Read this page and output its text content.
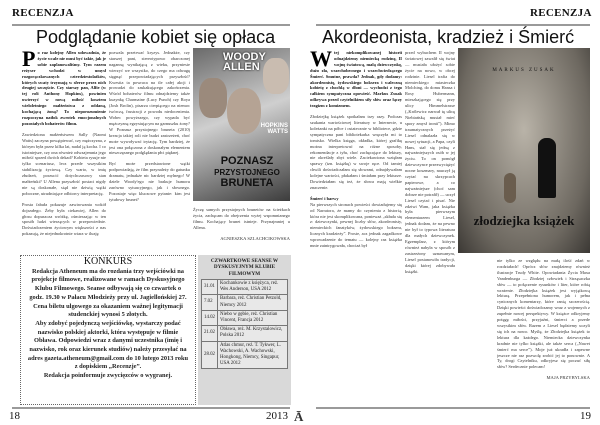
RECENZJA
Podglądanie kobiet się opłaca

Po raz kolejny Allen udowadnia, że życie wcale nie musi być takie, jak je sobie zaplanowaliśmy. Tym razem reżyser wchodzi w umysł rozgorączkowanych czterdziestolatków, których swaty trzymają w sferze przez nich drugiej szczęście. Czy starszy pan, Alfie (w tej roli Anthony Hopkins), powinien uwierzyć w nową miłość kosztem wieloletniego małżeństwa z oddaną, kochającą żoną? To nieporozumienie rozpoczyna natłok zwrotek emocjonalnych pozostałych bohaterów filmu.

Zawiedziona małżeństwem Sally (Naomi Watts) zaczyna powątpiewać, czy mężczyzna, z którym była przez kilka lat, nadal ją kocha. I co istotniejsze, czy ona również odwzajemnia jego miłość sprzed dwóch dekad? Kobieta rysuje nie tylko scenariusz, lecz przede wszystkim stabilizację życiową. Czy warto, w imię złudzeń, porzucić dotychczasowy stan małżeński? U Allena przyszłość postaci nigdy nie są doskonałe, stąd nie dziwią wątki poboczne, utrudniające odbiorcy interpretację.

Prosta fabuła pokazuje zawirowania wokół dojrzałego. Żeby była ciekawiej, Allen do głosu dopuszcza wróżkę, ośmieszając w ten sposób ludzi wierzących w przepowiednie. Doświadczeniem życiowym większości z nas pokazują, że niejednokrotnie wiara w iluzję

pozwala przetrwać kryzys. Jednakże, czy starszej pani, stereotypowo obarczonej naganną wynikającą z wieku, przyniesie wierzyć we wszystko, do czego ma odwagę sięgnąć przepowiadających przyszłość? Kwestia ta powraca na tle całej akcji i prowadzi do zaskakującego zakończenia. Wśród bohaterów filmu odnajdziemy także kuzynkę Charmaine (Lucy Punch) czy Roya (Josh Brolin), pisarza cierpiącego na niemoc twórczą, frustracji z powodu niedocenienia. Wobec powyższego, czy wypada być mężczyzną egzystującym na garnuszku żony? W Poznasz przystojnego bruneta (2010) kreacja takiej roli nie budzi zastrzeżeń, choć może wywoływać irytację. Tym bardziej, że jest ona połączona z doskonałym elementem nieszczęsnego podglądania płci pięknej.

Być może przedstawione wątki podpowiadają, że film przynależy do gatunku dramatu, jednakże nic bardziej mylnego! W dziele Woody'ego nie brakuje humoru zarówno sytuacyjnego, jak i słownego. Pozostaje więc kluczowe pytanie: kim jest tytułowy brunet?

WOODY
ALLEN
HOPKINS
WATTS
POZNASZ
PRZYSTOJNEGO
BRUNETA

Życzę samych przystojnych brunetów na ścieżkach życia, zachęcam do obejrzenia wyżej wspomnianego filmu. Kochający brunet istnieje. Przynajmniej u Allena.

AGNIESZKA SZLACHCIKOWSKA
KONKURS
Redakcja Atheneum ma do rozdania trzy wejściówki na projekcje filmowe, realizowane w ramach Dyskusyjnego Klubu Filmowego. Seanse odbywają się co czwartek o godz. 19.30 w Pałacu Młodzieży przy ul. Jagiellońskiej 27. Cena biletu ulgowego za okazaniem ważnej legitymacji studenckiej wynosi 5 złotych.
Aby zdobyć pojedynczą wejściówkę, wystarczy podać nazwisko polskiej aktorki, która występuje w filmie Obława. Odpowiedzi wraz z danymi uczestnika (imię i nazwisko, rok oraz kierunek studiów) należy przesyłać na adres gazeta.atheneum@gmail.com do 10 lutego 2013 roku z dopiskiem „Recenzje”.
Redakcja poinformuje zwycięzców o wygranej.
CZWARTKOWE SEANSE W DYSKUSYJNYM KLUBIE FILMOWYM
31.01	Kochankowie z księżyca, reż. Wes Anderson, USA 2012
7.02	Barbara, reż. Christian Petzold, Niemcy 2012
14.02	Niebo w gębie, reż. Christian Vincent, Francja 2012
21.02	Obława, reż. M. Krzystalowicz, Polska 2012
28.02	Atlas chmur, reż. T. Tykwer, L. Wachowski, A. Wachowski, Hongkong, Niemcy, Singapur, USA 2012
18	2013 Ā
RECENZJA
Akordeonista, kradzież i Śmierć

Wtej niekomplikowanej historii odnajdziemy niemiecką rodzinę, II wojnę światową, małą dziewczynkę, dużo zła, wszechobecnego i wszechwiedzącego Śmierć. Smutne, prawda? Jednak, gdy dodamy: akordeonistę, żydowskiego boksera i waleczną kobietę z chochlą w dłoni — wychodzi z tego całkiem sympatyczna opowieść. Markus Zusak odkrywa przed czytelnikiem siły słów oraz łączy tragizm z komizmem.

Złodziejkę książek spotkałam trzy razy. Podczas szukania wartościowej literatury w Internecie, u koleżanki na półce i ostatecznie w bibliotece, gdzie sympatyczna pani bibliotekarka wręczyła mi to tomisko. Wielka księga, okładka, której grafikę można interpretować na różne sposoby, rekomendacje z tyłu, choć zachęcające do lektury, nie określały zbyt wiele. Zaciekawiona wzięłam sprawy (tzn. książkę) w swoje ręce. Od tamtej chwili doświadczałam się słowami, odnajdywałam kolejne wartości, płakałam i śmiałam przy lekturze. Dowiedziałam się też, że słowa mają wielkie znaczenie.

Śmierć i barwy

Na pierwszych stronach powieści dowiadujemy się od Narratora, że mamy do czynienia z historią, która nie jest skomplikowana, ponieważ „składa się z: dziewczynki, pewnej liczby słów, akordeonisty, niemieckich fanatyków, żydowskiego boksera, licznych kradzieży”. Proste, acz jednak zagadkowe wprowadzenie do tematu — kolejny raz książka mnie zaintrygowała, chociaż był

przed wybuchem II wojny światowej zawalił się świat — musiała ułożyć sobie życie na nowo, w obcej rodzinie. Liesel trafia do niemieckiego miasteczka Molching, do domu Hansa i Rosy Hubermann, mieszkającego się przy ulicy Himmelstrasse („Królewicz narwał tę ulicę Niebiańską musiał mieć spory zmysł ironii”). Mimo traumatycznych przeżyć Liesel odnalazła się w nowej sytuacji, a Papa, czyli Hans, stał się jedną z najważniejszych osób w jej życiu. To on pomógł dziewczynce przezwyciężyć nocne koszmary, nauczył ją czytać na skrzypcach papierowe, a co najważniejsze (choć sam dobrze nie potrafił) — uczył Liesel czytać i pisać. Nie zdziwi Wam, jaka książka była pierwszym elementarzem Liesel, jednak dodam, że na pewno nie był to typowa literatura dla małych dziewczynek. Egzemplarz, z którym również nabyła w sposób z zastrzeżony uznawanym, Liesel postanowiła tradycji, dzięki której zdobywała książki.

MARKUS ZUSAK
złodziejka książek

nie tylko ze względu na małą ilość zdań w rozdziałach! Oprócz słów znajdziemy również ilustracje Trudy White. Opowiadania Życia Maxa Vandenburga — Złodziej człowiek i Strząsaczka słów — to połączenie rysunków i liter, które robią wrażenie. Złodziejka książek jest wyjątkową lekturą. Przepełniona humorem, jak i pełna cynicznych komentarzy, które ranią szczerością. Dzięki powieści doświadczamy wraz z wojennych z zupełnie nowej perspektywy. W książce odkryjemy potęgę miłości, przyjaźni, śmierci a przede wszystkim słów. Razem z Liesel będziemy uczyli się ich na nowo. Myślę, że Złodziejka książek to lektura dla każdego. Niemiecka dziewczynka kradnie nie tylko książki, ale także serca („Nawet śmierć ma serce”). Moje już ukradła i zapewne jeszcze nie raz pozwolę zrobić jej to ponownie. A Ty, drogi Czytelniku, odkryjesz się poczuć siłę słów? Serdecznie polecam!

MAJA PRZYBYLSKA
19
